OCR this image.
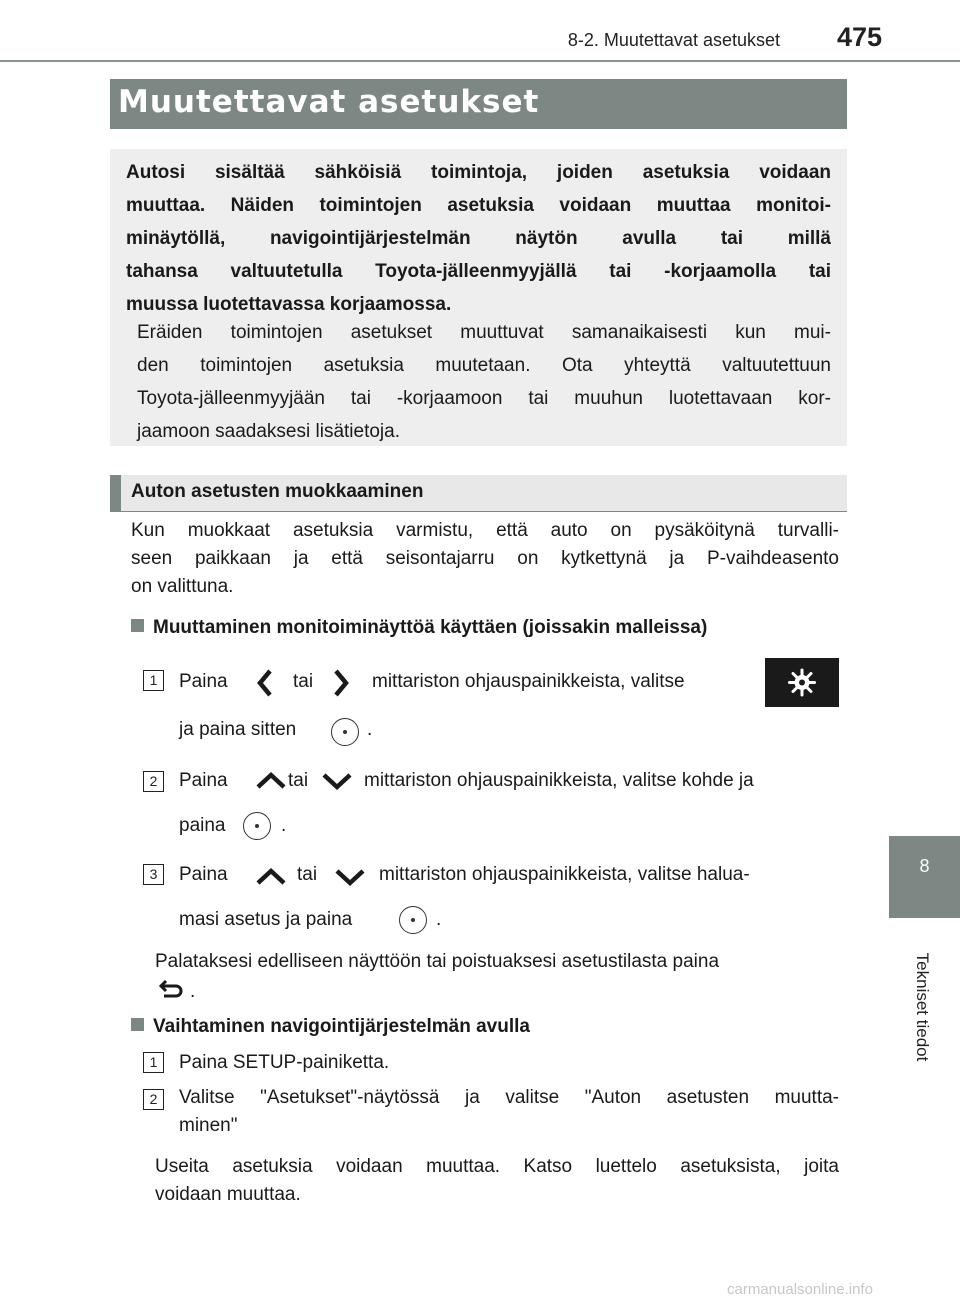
8-2. Muutettavat asetukset	475
8
Tekniset tiedot
Muutettavat asetukset
Autosi sisältää sähköisiä toimintoja, joiden asetuksia voidaan
muuttaa. Näiden toimintojen asetuksia voidaan muuttaa monitoi-
minäytöllä, navigointijärjestelmän näytön avulla tai millä
tahansa valtuutetulla Toyota-jälleenmyyjällä tai -korjaamolla tai
muussa luotettavassa korjaamossa.
Eräiden toimintojen asetukset muuttuvat samanaikaisesti kun mui-
den toimintojen asetuksia muutetaan. Ota yhteyttä valtuutettuun
Toyota-jälleenmyyjään tai -korjaamoon tai muuhun luotettavaan kor-
jaamoon saadaksesi lisätietoja.
Auton asetusten muokkaaminen
Kun muokkaat asetuksia varmistu, että auto on pysäköitynä turvalli-
seen paikkaan ja että seisontajarru on kytkettynä ja P-vaihdeasento
on valittuna.
Muuttaminen monitoiminäyttöä käyttäen (joissakin malleissa)
1	Paina	tai	mittariston ohjauspainikkeista, valitse
ja paina sitten	.
2	Paina	tai	mittariston ohjauspainikkeista, valitse kohde ja
paina	.
3	Paina	tai	mittariston ohjauspainikkeista, valitse halua-
masi asetus ja paina	.
Palataksesi edelliseen näyttöön tai poistuaksesi asetustilasta paina
.
Vaihtaminen navigointijärjestelmän avulla
1	Paina SETUP-painiketta.
2	Valitse "Asetukset"-näytössä ja valitse "Auton asetusten muutta-
minen"
Useita asetuksia voidaan muuttaa. Katso luettelo asetuksista, joita
voidaan muuttaa.
carmanualsonline.info
